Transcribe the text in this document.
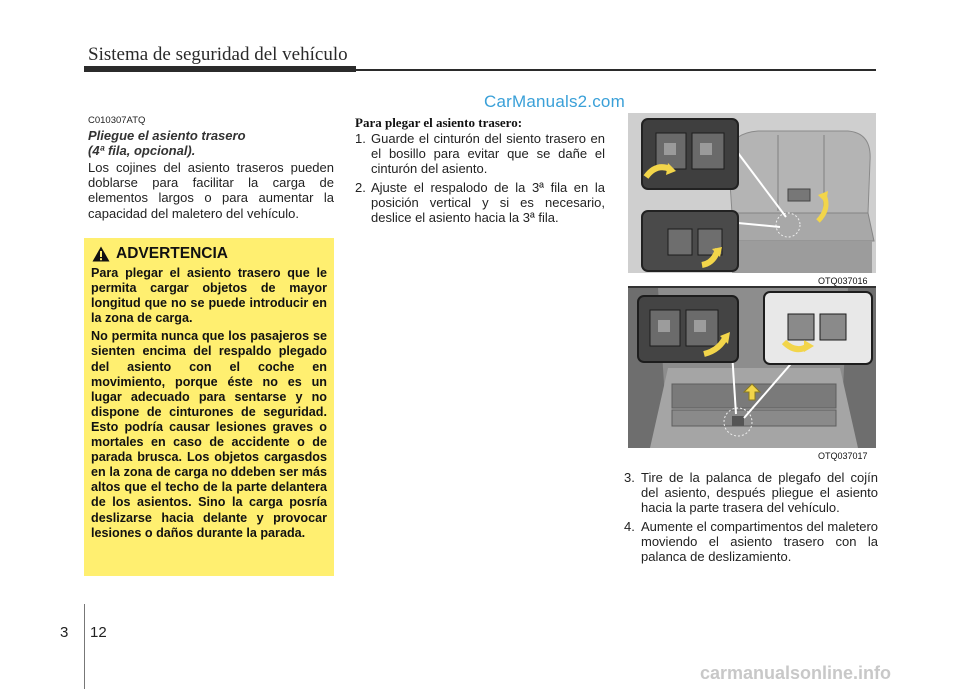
Sistema de seguridad del vehículo
CarManuals2.com
C010307ATQ
Pliegue el asiento trasero
(4ª fila, opcional).
Los cojines del asiento traseros pueden doblarse para facilitar la carga de elementos largos o para aumentar la capacidad del maletero del vehículo.
ADVERTENCIA

Para plegar el asiento trasero que le permita cargar objetos de mayor longitud que no se puede introducir en la zona de carga.

No permita nunca que los pasajeros se sienten encima del respaldo plegado del asiento con el coche en movimiento, porque éste no es un lugar adecuado para sentarse y no dispone de cinturones de seguridad. Esto podría causar lesiones graves o mortales en caso de accidente o de parada brusca. Los objetos cargasdos en la zona de carga no ddeben ser más altos que el techo de la parte delantera de los asientos. Sino la carga posría deslizarse hacia delante y provocar lesiones o daños durante la parada.

Para plegar el asiento trasero:
1. Guarde el cinturón del siento trasero en el bosillo para evitar que se dañe el cinturón del asiento.
2. Ajuste el respalodo de la 3ª fila en la posición vertical y si es necesario, deslice el asiento hacia la 3ª fila.
OTQ037016
OTQ037017
3. Tire de la palanca de plegafo del cojín del asiento, después pliegue el asiento hacia la parte trasera del vehículo.
4. Aumente el compartimentos del maletero moviendo el asiento trasero con la palanca de deslizamiento.
3 12
carmanualsonline.info
